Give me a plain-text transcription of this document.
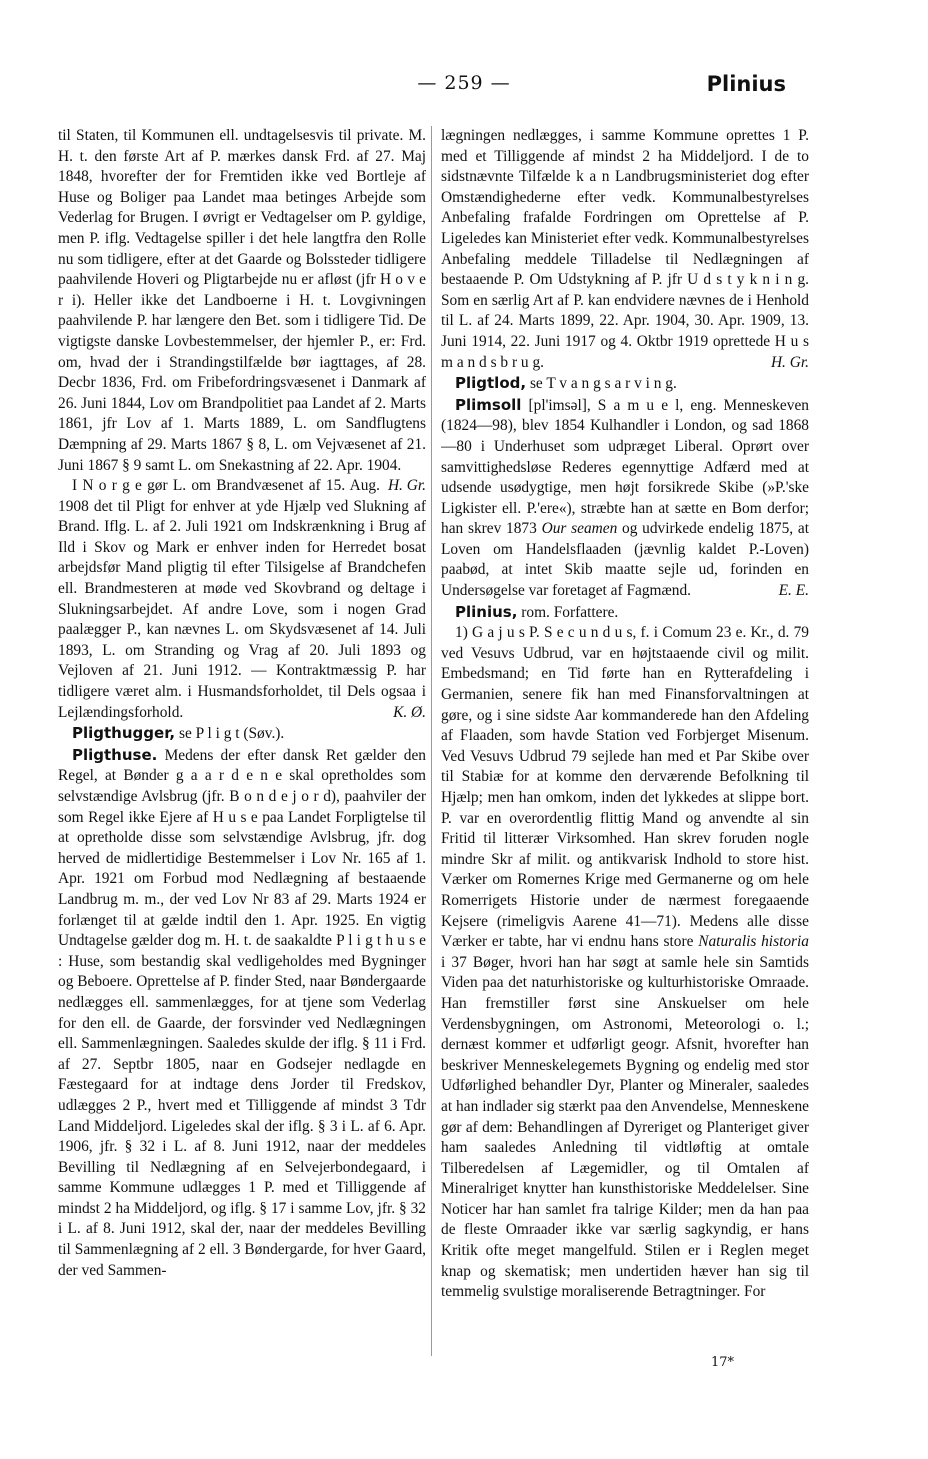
— 259 —	Plinius

til Staten, til Kommunen ell. undtagelsesvis til private. M. H. t. den første Art af P. mærkes dansk Frd. af 27. Maj 1848, hvorefter der for Fremtiden ikke ved Bortleje af Huse og Boliger paa Landet maa betinges Arbejde som Vederlag for Brugen. I øvrigt er Vedtagelser om P. gyldige, men P. iflg. Vedtagelse spiller i det hele langtfra den Rolle nu som tidligere, efter at det Gaarde og Bolssteder tidligere paahvilende Hoveri og Pligtarbejde nu er afløst (jfr H o v e r i). Heller ikke det Landboerne i H. t. Lovgivningen paahvilende P. har længere den Bet. som i tidligere Tid. De vigtigste danske Lovbestemmelser, der hjemler P., er: Frd. om, hvad der i Strandingstilfælde bør iagttages, af 28. Decbr 1836, Frd. om Fribefordringsvæsenet i Danmark af 26. Juni 1844, Lov om Brandpolitiet paa Landet af 2. Marts 1861, jfr Lov af 1. Marts 1889, L. om Sandflugtens Dæmpning af 29. Marts 1867 § 8, L. om Vejvæsenet af 21. Juni 1867 § 9 samt L. om Snekastning af 22. Apr. 1904.
H. Gr.

I N o r g e gør L. om Brandvæsenet af 15. Aug. 1908 det til Pligt for enhver at yde Hjælp ved Slukning af Brand. Iflg. L. af 2. Juli 1921 om Indskrænkning i Brug af Ild i Skov og Mark er enhver inden for Herredet bosat arbejdsfør Mand pligtig til efter Tilsigelse af Brandchefen ell. Brandmesteren at møde ved Skovbrand og deltage i Slukningsarbejdet. Af andre Love, som i nogen Grad paalægger P., kan nævnes L. om Skydsvæsenet af 14. Juli 1893, L. om Stranding og Vrag af 20. Juli 1893 og Vejloven af 21. Juni 1912. — Kontraktmæssig P. har tidligere været alm. i Husmandsforholdet, til Dels ogsaa i Lejlændingsforhold.	K. Ø.

Pligthugger, se P l i g t (Søv.).

Pligthuse. Medens der efter dansk Ret gælder den Regel, at Bønder g a a r d e n e skal opretholdes som selvstændige Avlsbrug (jfr. B o n d e j o r d), paahviler der som Regel ikke Ejere af H u s e paa Landet Forpligtelse til at opretholde disse som selvstændige Avlsbrug, jfr. dog herved de midlertidige Bestemmelser i Lov Nr. 165 af 1. Apr. 1921 om Forbud mod Nedlægning af bestaaende Landbrug m. m., der ved Lov Nr 83 af 29. Marts 1924 er forlænget til at gælde indtil den 1. Apr. 1925. En vigtig Undtagelse gælder dog m. H. t. de saakaldte P l i g t h u s e : Huse, som bestandig skal vedligeholdes med Bygninger og Beboere. Oprettelse af P. finder Sted, naar Bøndergaarde nedlægges ell. sammenlægges, for at tjene som Vederlag for den ell. de Gaarde, der forsvinder ved Nedlægningen ell. Sammenlægningen. Saaledes skulde der iflg. § 11 i Frd. af 27. Septbr 1805, naar en Godsejer nedlagde en Fæstegaard for at indtage dens Jorder til Fredskov, udlægges 2 P., hvert med et Tilliggende af mindst 3 Tdr Land Middeljord. Ligeledes skal der iflg. § 3 i L. af 6. Apr. 1906, jfr. § 32 i L. af 8. Juni 1912, naar der meddeles Bevilling til Nedlægning af en Selvejerbondegaard, i samme Kommune udlægges 1 P. med et Tilliggende af mindst 2 ha Middeljord, og iflg. § 17 i samme Lov, jfr. § 32 i L. af 8. Juni 1912, skal der, naar der meddeles Bevilling til Sammenlægning af 2 ell. 3 Bøndergarde, for hver Gaard, der ved Sammen-

lægningen nedlægges, i samme Kommune oprettes 1 P. med et Tilliggende af mindst 2 ha Middeljord. I de to sidstnævnte Tilfælde k a n Landbrugsministeriet dog efter Omstændighederne efter vedk. Kommunalbestyrelses Anbefaling frafalde Fordringen om Oprettelse af P. Ligeledes kan Ministeriet efter vedk. Kommunalbestyrelses Anbefaling meddele Tilladelse til Nedlægningen af bestaaende P. Om Udstykning af P. jfr U d s t y k n i n g. Som en særlig Art af P. kan endvidere nævnes de i Henhold til L. af 24. Marts 1899, 22. Apr. 1904, 30. Apr. 1909, 13. Juni 1914, 22. Juni 1917 og 4. Oktbr 1919 oprettede H u s m a n d s b r u g.	H. Gr.

Pligtlod, se T v a n g s a r v i n g.

Plimsoll [pl'imsəl], S a m u e l, eng. Menneskeven (1824—98), blev 1854 Kulhandler i London, og sad 1868—80 i Underhuset som udpræget Liberal. Oprørt over samvittighedsløse Rederes egennyttige Adfærd med at udsende usødygtige, men højt forsikrede Skibe (»P.'ske Ligkister ell. P.'ere«), stræbte han at sætte en Bom derfor; han skrev 1873 Our seamen og udvirkede endelig 1875, at Loven om Handelsflaaden (jævnlig kaldet P.-Loven) paabød, at intet Skib maatte sejle ud, forinden en Undersøgelse var foretaget af Fagmænd.	E. E.

Plinius, rom. Forfattere.

1) G a j u s P. S e c u n d u s, f. i Comum 23 e. Kr., d. 79 ved Vesuvs Udbrud, var en højtstaaende civil og milit. Embedsmand; en Tid førte han en Rytterafdeling i Germanien, senere fik han med Finansforvaltningen at gøre, og i sine sidste Aar kommanderede han den Afdeling af Flaaden, som havde Station ved Forbjerget Misenum. Ved Vesuvs Udbrud 79 sejlede han med et Par Skibe over til Stabiæ for at komme den derværende Befolkning til Hjælp; men han omkom, inden det lykkedes at slippe bort. P. var en overordentlig flittig Mand og anvendte al sin Fritid til litterær Virksomhed. Han skrev foruden nogle mindre Skr af milit. og antikvarisk Indhold to store hist. Værker om Romernes Krige med Germanerne og om hele Romerrigets Historie under de nærmest foregaaende Kejsere (rimeligvis Aarene 41—71). Medens alle disse Værker er tabte, har vi endnu hans store Naturalis historia i 37 Bøger, hvori han har søgt at samle hele sin Samtids Viden paa det naturhistoriske og kulturhistoriske Omraade. Han fremstiller først sine Anskuelser om hele Verdensbygningen, om Astronomi, Meteorologi o. l.; dernæst kommer et udførligt geogr. Afsnit, hvorefter han beskriver Menneskelegemets Bygning og endelig med stor Udførlighed behandler Dyr, Planter og Mineraler, saaledes at han indlader sig stærkt paa den Anvendelse, Menneskene gør af dem: Behandlingen af Dyreriget og Planteriget giver ham saaledes Anledning til vidtløftig at omtale Tilberedelsen af Lægemidler, og til Omtalen af Mineralriget knytter han kunsthistoriske Meddelelser. Sine Noticer har han samlet fra talrige Kilder; men da han paa de fleste Omraader ikke var særlig sagkyndig, er hans Kritik ofte meget mangelfuld. Stilen er i Reglen meget knap og skematisk; men undertiden hæver han sig til temmelig svulstige moraliserende Betragtninger. For

17*
